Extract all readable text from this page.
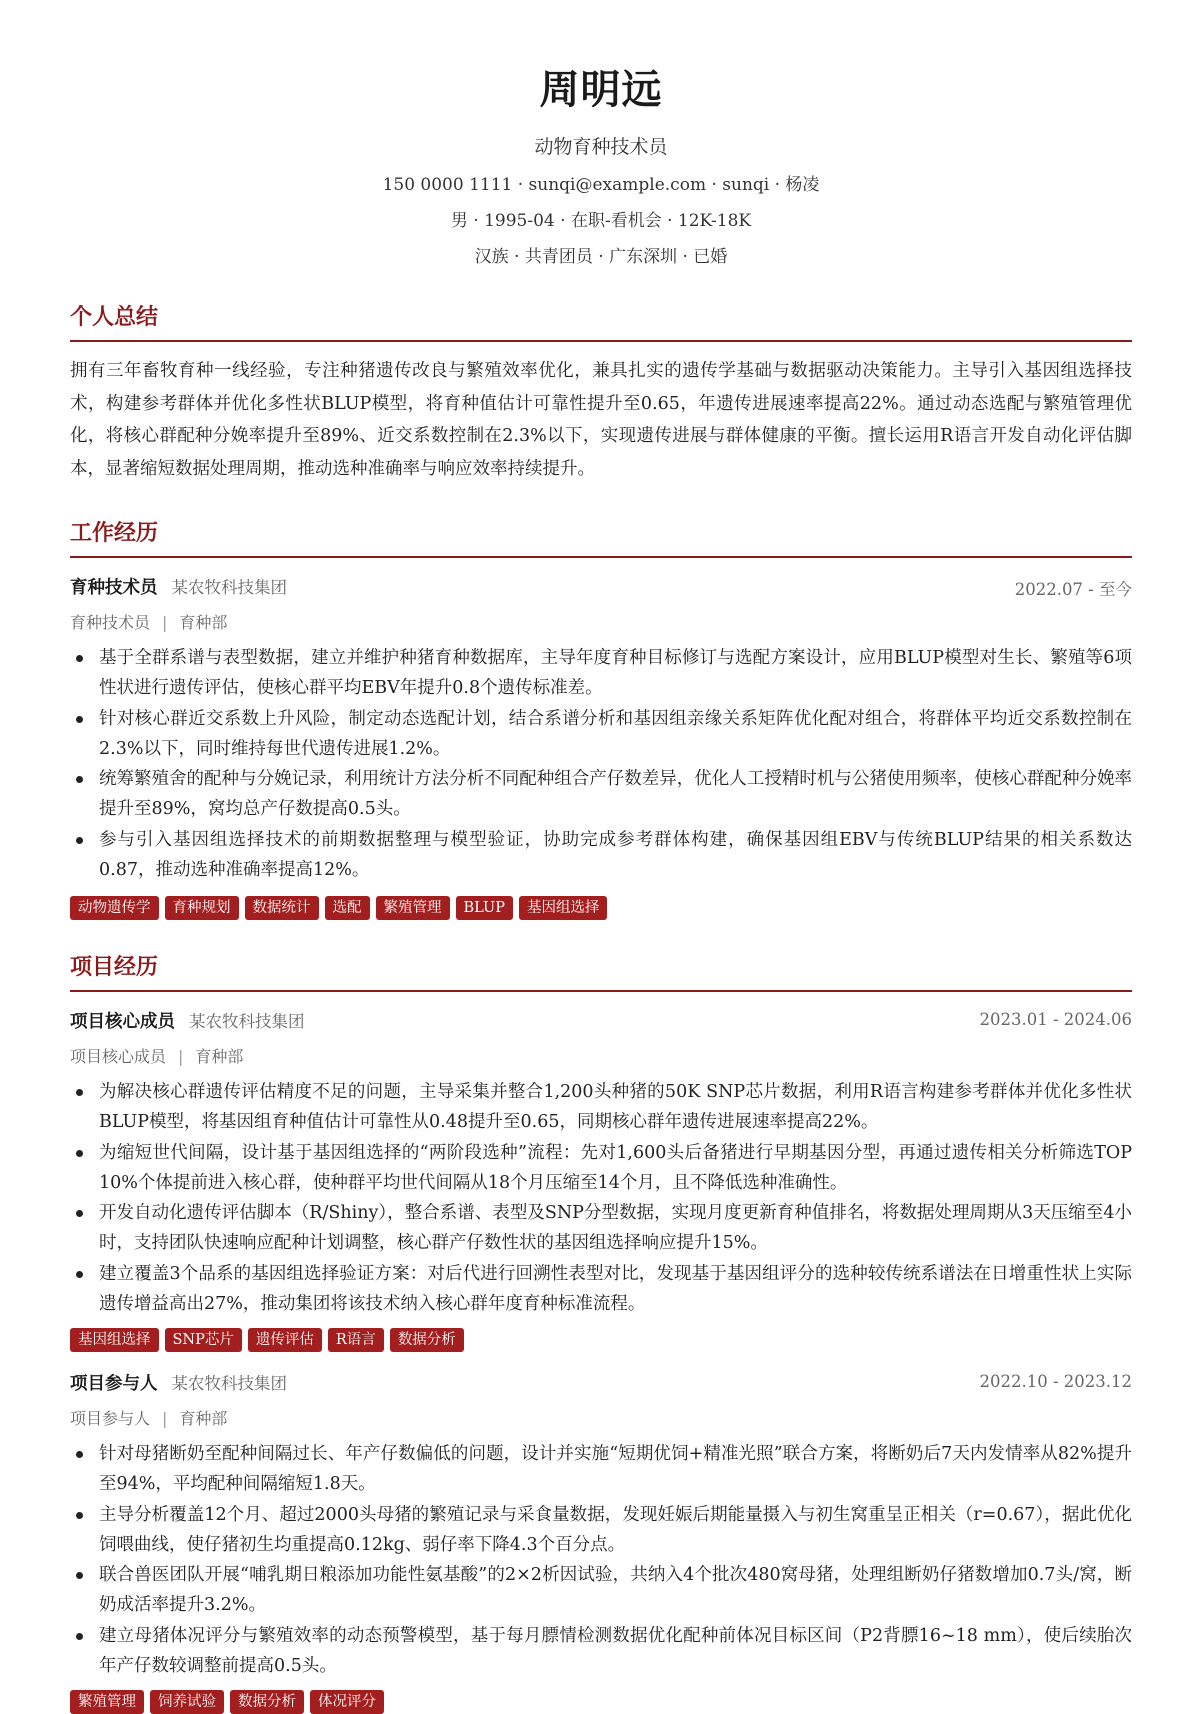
周明远
动物育种技术员
150 0000 1111 · sunqi@example.com · sunqi · 杨凌
男 · 1995-04 · 在职-看机会 · 12K-18K
汉族 · 共青团员 · 广东深圳 · 已婚
个人总结
拥有三年畜牧育种一线经验，专注种猪遗传改良与繁殖效率优化，兼具扎实的遗传学基础与数据驱动决策能力。主导引入基因组选择技术，构建参考群体并优化多性状BLUP模型，将育种值估计可靠性提升至0.65，年遗传进展速率提高22%。通过动态选配与繁殖管理优化，将核心群配种分娩率提升至89%、近交系数控制在2.3%以下，实现遗传进展与群体健康的平衡。擅长运用R语言开发自动化评估脚本，显著缩短数据处理周期，推动选种准确率与响应效率持续提升。
工作经历
育种技术员 某农牧科技集团	2022.07 - 至今
育种技术员 | 育种部
基于全群系谱与表型数据，建立并维护种猪育种数据库，主导年度育种目标修订与选配方案设计，应用BLUP模型对生长、繁殖等6项性状进行遗传评估，使核心群平均EBV年提升0.8个遗传标准差。
针对核心群近交系数上升风险，制定动态选配计划，结合系谱分析和基因组亲缘关系矩阵优化配对组合，将群体平均近交系数控制在2.3%以下，同时维持每世代遗传进展1.2%。
统筹繁殖舍的配种与分娩记录，利用统计方法分析不同配种组合产仔数差异，优化人工授精时机与公猪使用频率，使核心群配种分娩率提升至89%，窝均总产仔数提高0.5头。
参与引入基因组选择技术的前期数据整理与模型验证，协助完成参考群体构建，确保基因组EBV与传统BLUP结果的相关系数达0.87，推动选种准确率提高12%。
动物遗传学	育种规划	数据统计	选配	繁殖管理	BLUP	基因组选择
项目经历
项目核心成员 某农牧科技集团	2023.01 - 2024.06
项目核心成员 | 育种部
为解决核心群遗传评估精度不足的问题，主导采集并整合1,200头种猪的50K SNP芯片数据，利用R语言构建参考群体并优化多性状BLUP模型，将基因组育种值估计可靠性从0.48提升至0.65，同期核心群年遗传进展速率提高22%。
为缩短世代间隔，设计基于基因组选择的“两阶段选种”流程：先对1,600头后备猪进行早期基因分型，再通过遗传相关分析筛选TOP 10%个体提前进入核心群，使种群平均世代间隔从18个月压缩至14个月，且不降低选种准确性。
开发自动化遗传评估脚本（R/Shiny），整合系谱、表型及SNP分型数据，实现月度更新育种值排名，将数据处理周期从3天压缩至4小时，支持团队快速响应配种计划调整，核心群产仔数性状的基因组选择响应提升15%。
建立覆盖3个品系的基因组选择验证方案：对后代进行回溯性表型对比，发现基于基因组评分的选种较传统系谱法在日增重性状上实际遗传增益高出27%，推动集团将该技术纳入核心群年度育种标准流程。
基因组选择	SNP芯片	遗传评估	R语言	数据分析
项目参与人 某农牧科技集团	2022.10 - 2023.12
项目参与人 | 育种部
针对母猪断奶至配种间隔过长、年产仔数偏低的问题，设计并实施“短期优饲+精准光照”联合方案，将断奶后7天内发情率从82%提升至94%，平均配种间隔缩短1.8天。
主导分析覆盖12个月、超过2000头母猪的繁殖记录与采食量数据，发现妊娠后期能量摄入与初生窝重呈正相关（r=0.67），据此优化饲喂曲线，使仔猪初生均重提高0.12kg、弱仔率下降4.3个百分点。
联合兽医团队开展“哺乳期日粮添加功能性氨基酸”的2×2析因试验，共纳入4个批次480窝母猪，处理组断奶仔猪数增加0.7头/窝，断奶成活率提升3.2%。
建立母猪体况评分与繁殖效率的动态预警模型，基于每月膘情检测数据优化配种前体况目标区间（P2背膘16~18 mm），使后续胎次年产仔数较调整前提高0.5头。
繁殖管理	饲养试验	数据分析	体况评分
